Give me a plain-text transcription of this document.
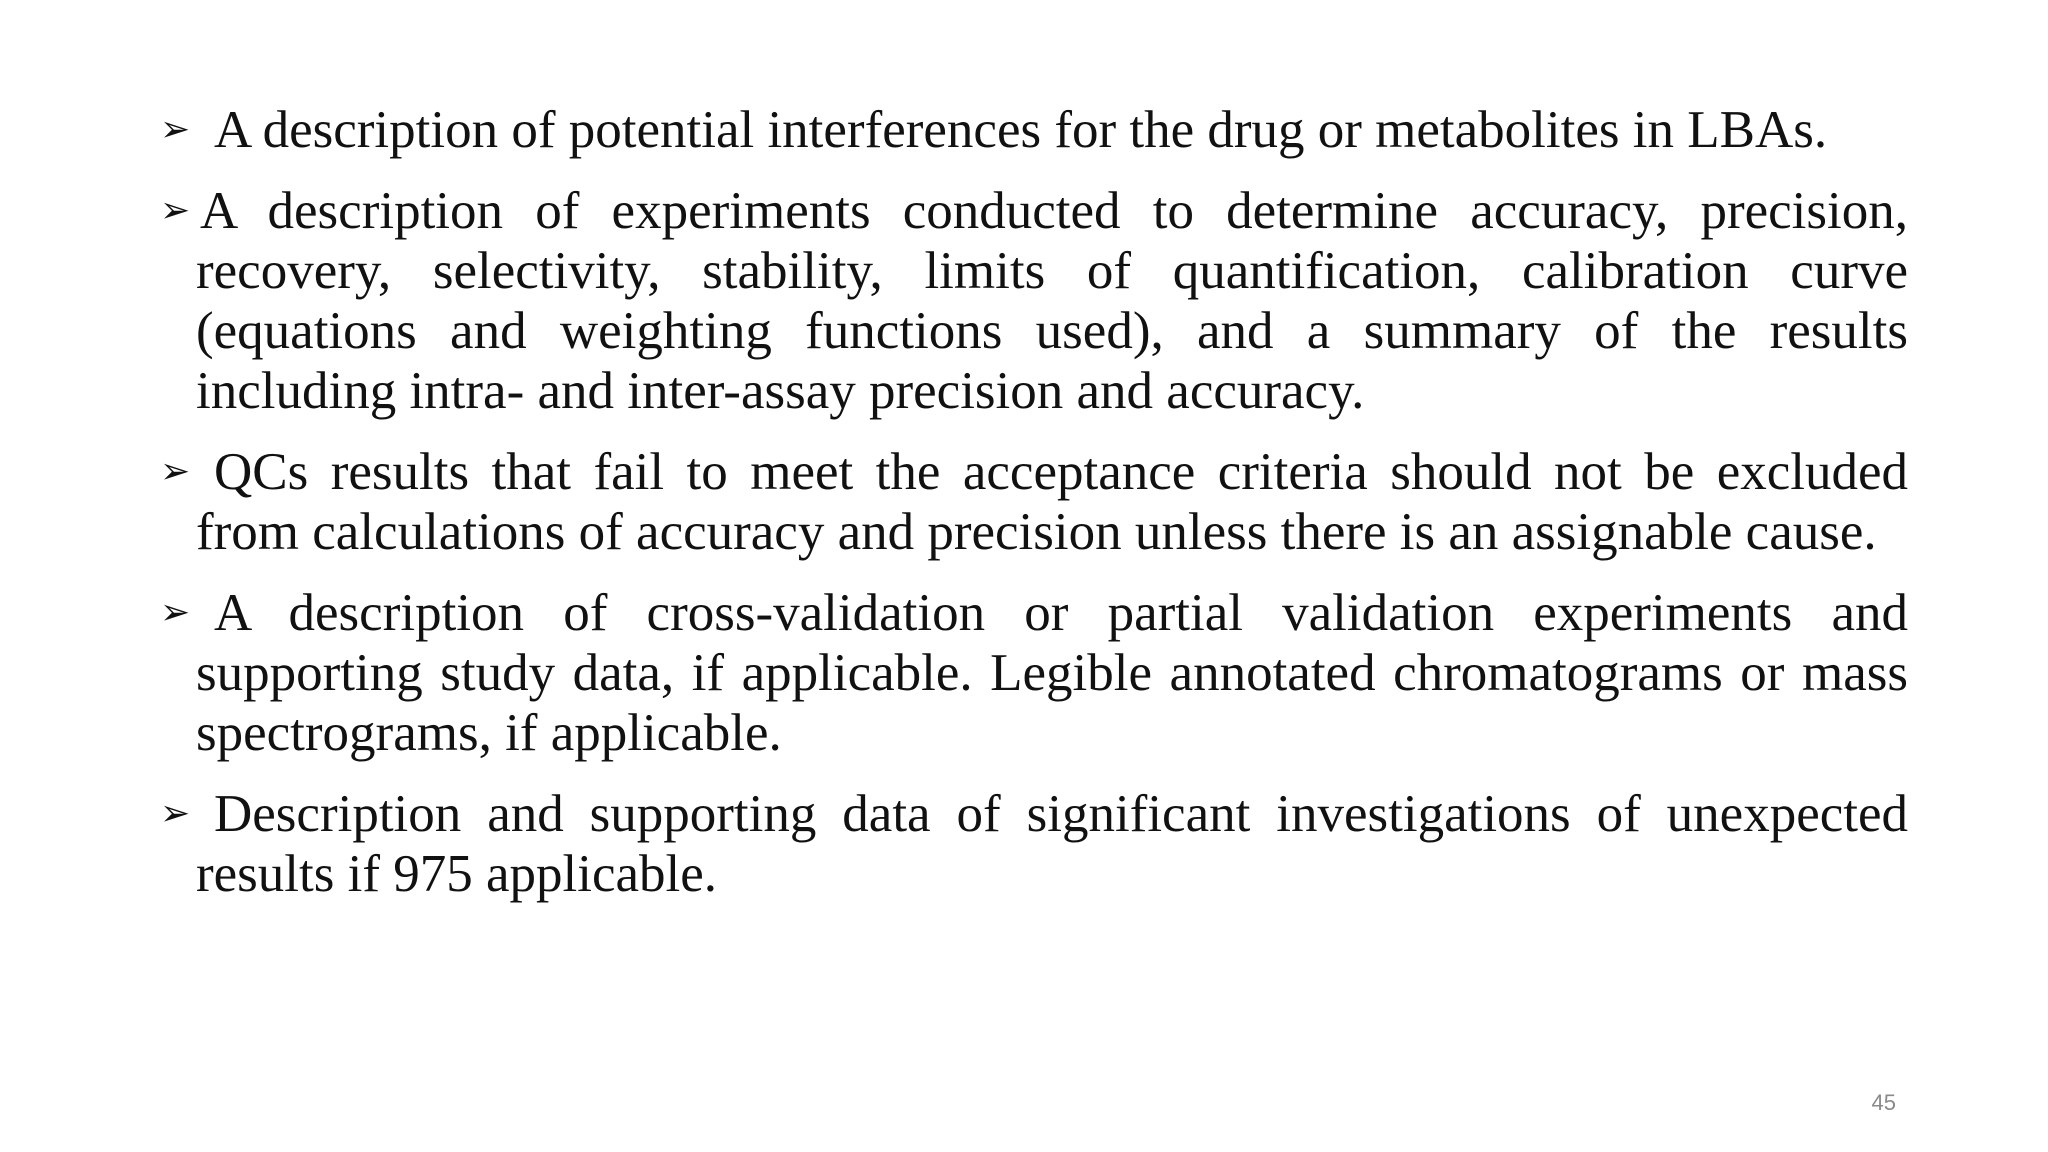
➢ A description of potential interferences for the drug or metabolites in LBAs.
➢ A description of experiments conducted to determine accuracy, precision, recovery, selectivity, stability, limits of quantification, calibration curve (equations and weighting functions used), and a summary of the results including intra- and inter-assay precision and accuracy.
➢ QCs results that fail to meet the acceptance criteria should not be excluded from calculations of accuracy and precision unless there is an assignable cause.
➢ A description of cross-validation or partial validation experiments and supporting study data, if applicable. Legible annotated chromatograms or mass spectrograms, if applicable.
➢ Description and supporting data of significant investigations of unexpected results if 975 applicable.
45
